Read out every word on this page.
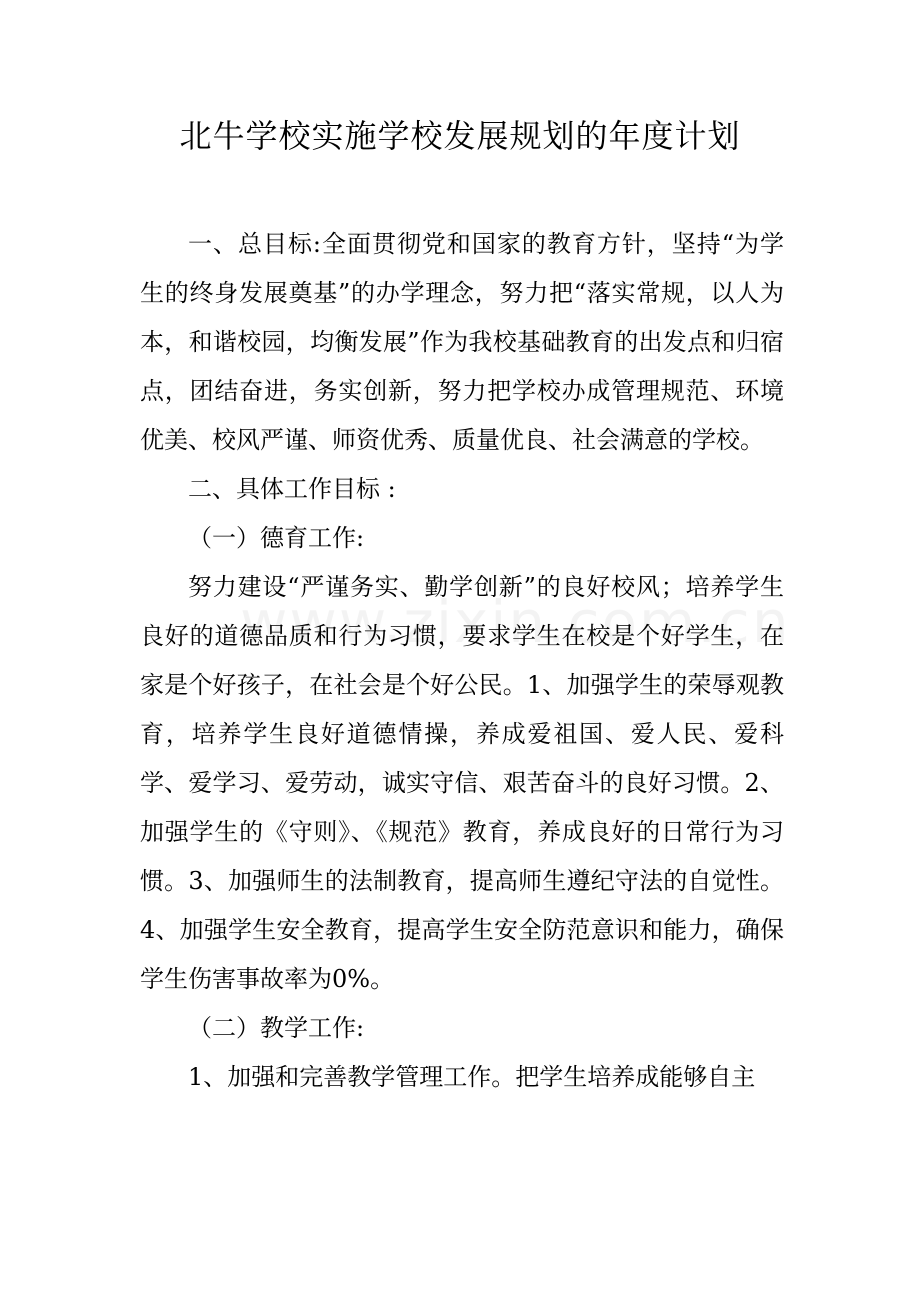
北牛学校实施学校发展规划的年度计划

一、总目标:全面贯彻党和国家的教育方针，坚持“为学生的终身发展奠基”的办学理念，努力把“落实常规，以人为本，和谐校园，均衡发展”作为我校基础教育的出发点和归宿点，团结奋进，务实创新，努力把学校办成管理规范、环境优美、校风严谨、师资优秀、质量优良、社会满意的学校。

二、具体工作目标 :

（一）德育工作:

努力建设“严谨务实、勤学创新”的良好校风；培养学生良好的道德品质和行为习惯，要求学生在校是个好学生，在家是个好孩子，在社会是个好公民。1、加强学生的荣辱观教育，培养学生良好道德情操，养成爱祖国、爱人民、爱科学、爱学习、爱劳动，诚实守信、艰苦奋斗的良好习惯。2、加强学生的《守则》、《规范》教育，养成良好的日常行为习惯。3、加强师生的法制教育，提高师生遵纪守法的自觉性。4、加强学生安全教育，提高学生安全防范意识和能力，确保学生伤害事故率为0%。

（二）教学工作:

1、加强和完善教学管理工作。把学生培养成能够自主
